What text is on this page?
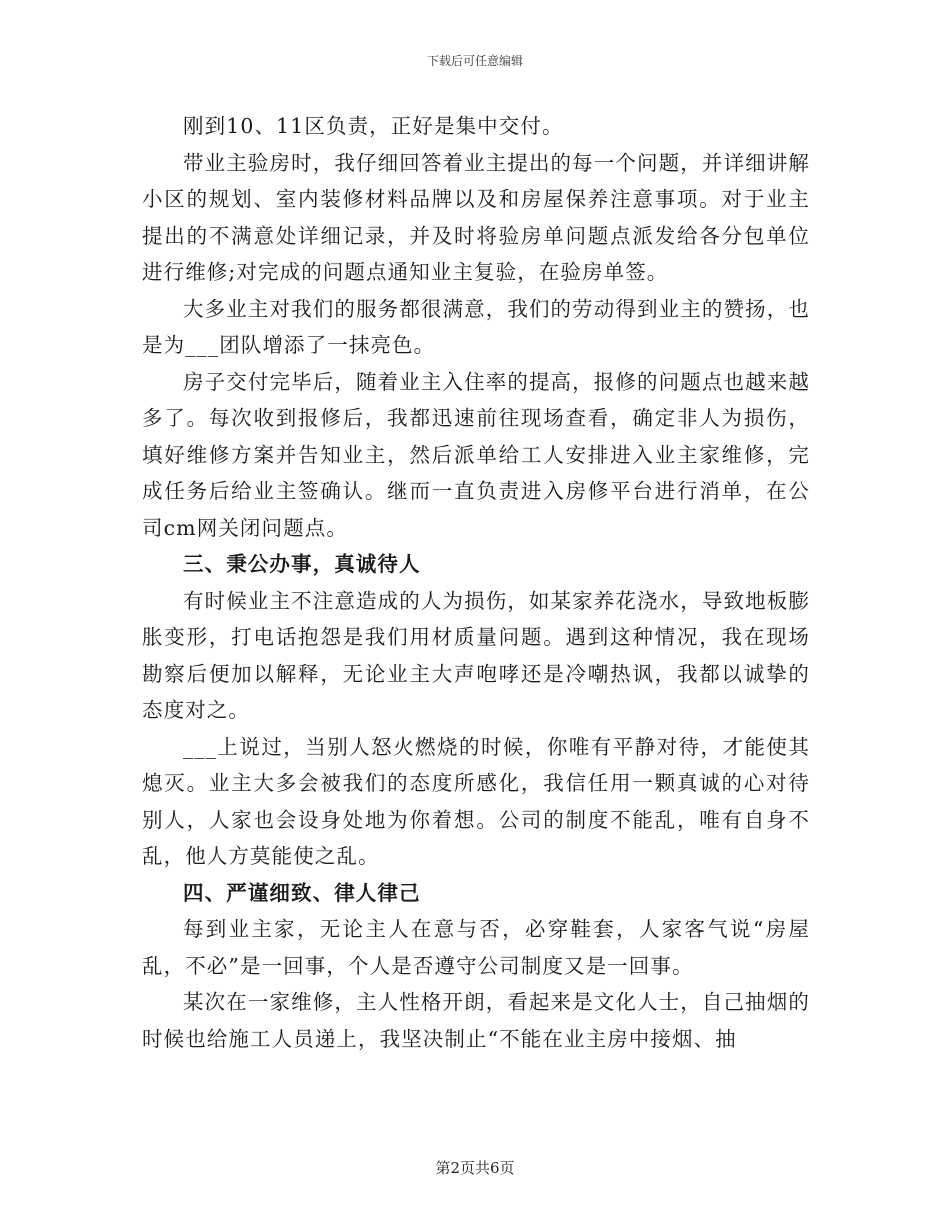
下载后可任意编辑

刚到10、11区负责，正好是集中交付。

带业主验房时，我仔细回答着业主提出的每一个问题，并详细讲解小区的规划、室内装修材料品牌以及和房屋保养注意事项。对于业主提出的不满意处详细记录，并及时将验房单问题点派发给各分包单位进行维修;对完成的问题点通知业主复验，在验房单签。

大多业主对我们的服务都很满意，我们的劳动得到业主的赞扬，也是为___团队增添了一抹亮色。

房子交付完毕后，随着业主入住率的提高，报修的问题点也越来越多了。每次收到报修后，我都迅速前往现场查看，确定非人为损伤，填好维修方案并告知业主，然后派单给工人安排进入业主家维修，完成任务后给业主签确认。继而一直负责进入房修平台进行消单，在公司cm网关闭问题点。

三、秉公办事，真诚待人

有时候业主不注意造成的人为损伤，如某家养花浇水，导致地板膨胀变形，打电话抱怨是我们用材质量问题。遇到这种情况，我在现场勘察后便加以解释，无论业主大声咆哮还是冷嘲热讽，我都以诚挚的态度对之。

___上说过，当别人怒火燃烧的时候，你唯有平静对待，才能使其熄灭。业主大多会被我们的态度所感化，我信任用一颗真诚的心对待别人，人家也会设身处地为你着想。公司的制度不能乱，唯有自身不乱，他人方莫能使之乱。

四、严谨细致、律人律己

每到业主家，无论主人在意与否，必穿鞋套，人家客气说“房屋乱，不必”是一回事，个人是否遵守公司制度又是一回事。

某次在一家维修，主人性格开朗，看起来是文化人士，自己抽烟的时候也给施工人员递上，我坚决制止“不能在业主房中接烟、抽

第2页共6页
